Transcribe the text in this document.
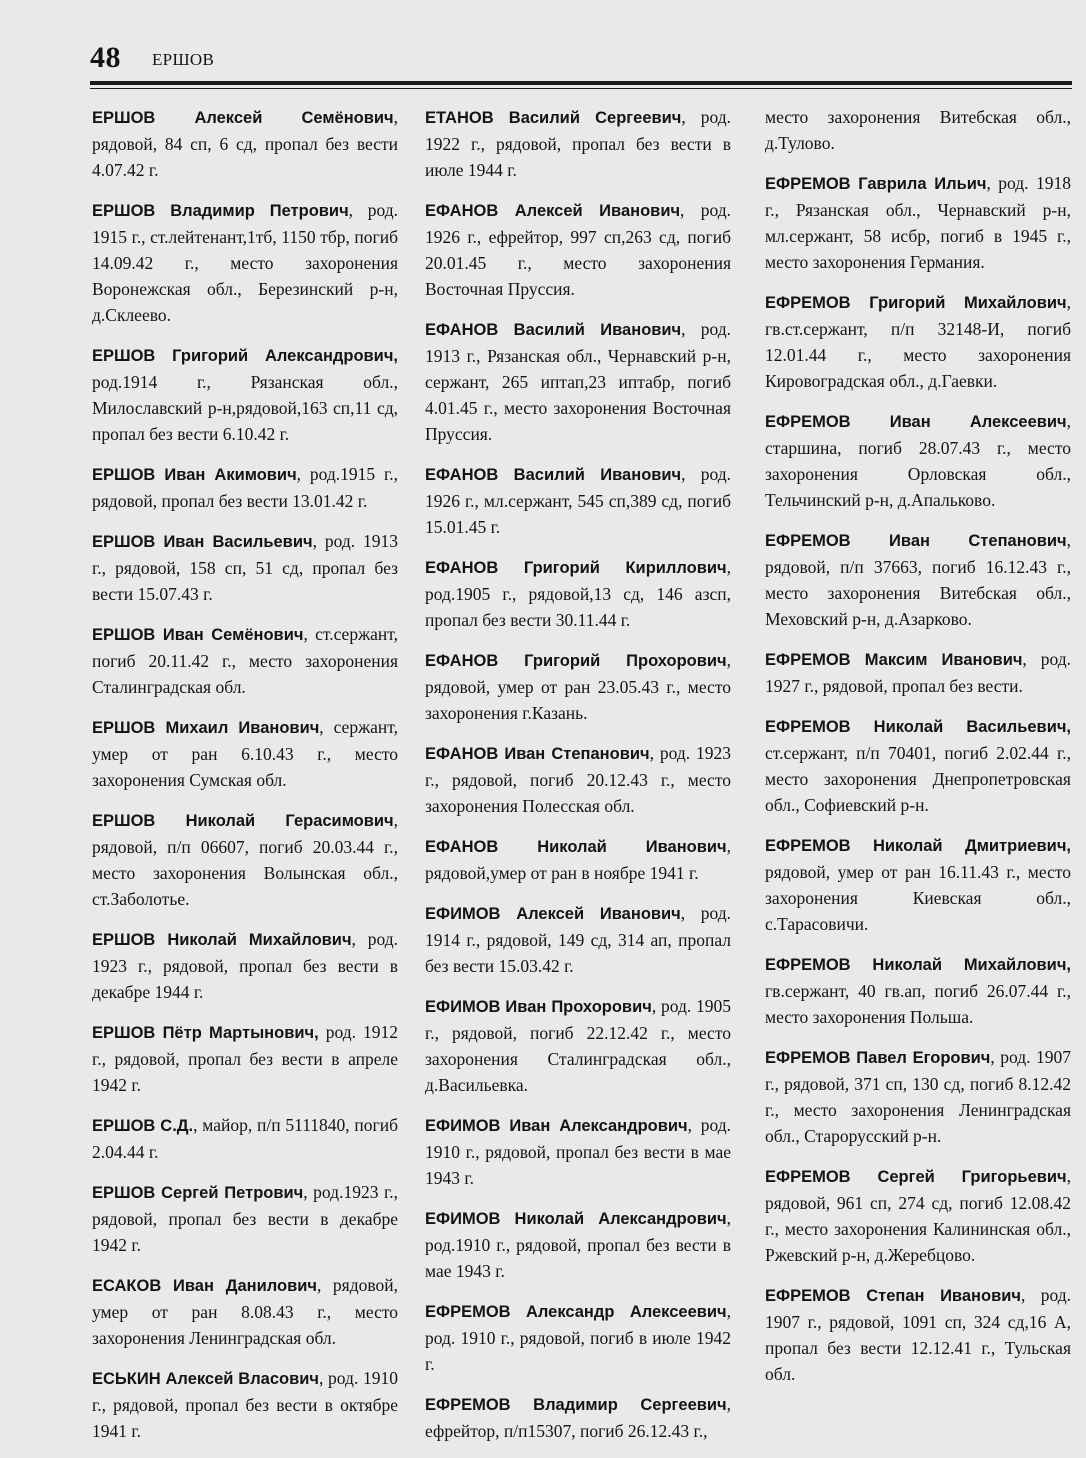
48 ЕРШОВ

ЕРШОВ Алексей Семёнович, рядовой, 84 сп, 6 сд, пропал без вести 4.07.42 г.

ЕРШОВ Владимир Петрович, род. 1915 г., ст.лейтенант,1тб, 1150 тбр, погиб 14.09.42 г., место захоронения Воронежская обл., Березинский р-н, д.Склеево.

ЕРШОВ Григорий Александрович, род.1914 г., Рязанская обл., Милославский р-н,рядовой,163 сп,11 сд, пропал без вести 6.10.42 г.

ЕРШОВ Иван Акимович, род.1915 г., рядовой, пропал без вести 13.01.42 г.

ЕРШОВ Иван Васильевич, род. 1913 г., рядовой, 158 сп, 51 сд, пропал без вести 15.07.43 г.

ЕРШОВ Иван Семёнович, ст.сержант, погиб 20.11.42 г., место захоронения Сталинградская обл.

ЕРШОВ Михаил Иванович, сержант, умер от ран 6.10.43 г., место захоронения Сумская обл.

ЕРШОВ Николай Герасимович, рядовой, п/п 06607, погиб 20.03.44 г., место захоронения Волынская обл., ст.Заболотье.

ЕРШОВ Николай Михайлович, род. 1923 г., рядовой, пропал без вести в декабре 1944 г.

ЕРШОВ Пётр Мартынович, род. 1912 г., рядовой, пропал без вести в апреле 1942 г.

ЕРШОВ С.Д., майор, п/п 5111840, погиб 2.04.44 г.

ЕРШОВ Сергей Петрович, род.1923 г., рядовой, пропал без вести в декабре 1942 г.

ЕСАКОВ Иван Данилович, рядовой, умер от ран 8.08.43 г., место захоронения Ленинградская обл.

ЕСЬКИН Алексей Власович, род. 1910 г., рядовой, пропал без вести в октябре 1941 г.

ЕТАНОВ Василий Сергеевич, род. 1922 г., рядовой, пропал без вести в июле 1944 г.

ЕФАНОВ Алексей Иванович, род. 1926 г., ефрейтор, 997 сп,263 сд, погиб 20.01.45 г., место захоронения Восточная Пруссия.

ЕФАНОВ Василий Иванович, род. 1913 г., Рязанская обл., Чернавский р-н, сержант, 265 иптап,23 иптабр, погиб 4.01.45 г., место захоронения Восточная Пруссия.

ЕФАНОВ Василий Иванович, род. 1926 г., мл.сержант, 545 сп,389 сд, погиб 15.01.45 г.

ЕФАНОВ Григорий Кириллович, род.1905 г., рядовой,13 сд, 146 азсп, пропал без вести 30.11.44 г.

ЕФАНОВ Григорий Прохорович, рядовой, умер от ран 23.05.43 г., место захоронения г.Казань.

ЕФАНОВ Иван Степанович, род. 1923 г., рядовой, погиб 20.12.43 г., место захоронения Полесская обл.

ЕФАНОВ Николай Иванович, рядовой,умер от ран в ноябре 1941 г.

ЕФИМОВ Алексей Иванович, род. 1914 г., рядовой, 149 сд, 314 ап, пропал без вести 15.03.42 г.

ЕФИМОВ Иван Прохорович, род. 1905 г., рядовой, погиб 22.12.42 г., место захоронения Сталинградская обл., д.Васильевка.

ЕФИМОВ Иван Александрович, род. 1910 г., рядовой, пропал без вести в мае 1943 г.

ЕФИМОВ Николай Александрович, род.1910 г., рядовой, пропал без вести в мае 1943 г.

ЕФРЕМОВ Александр Алексеевич, род. 1910 г., рядовой, погиб в июле 1942 г.

ЕФРЕМОВ Владимир Сергеевич, ефрейтор, п/п15307, погиб 26.12.43 г.,

место захоронения Витебская обл., д.Тулово.

ЕФРЕМОВ Гаврила Ильич, род. 1918 г., Рязанская обл., Чернавский р-н, мл.сержант, 58 исбр, погиб в 1945 г., место захоронения Германия.

ЕФРЕМОВ Григорий Михайлович, гв.ст.сержант, п/п 32148-И, погиб 12.01.44 г., место захоронения Кировоградская обл., д.Гаевки.

ЕФРЕМОВ Иван Алексеевич, старшина, погиб 28.07.43 г., место захоронения Орловская обл., Тельчинский р-н, д.Апальково.

ЕФРЕМОВ Иван Степанович, рядовой, п/п 37663, погиб 16.12.43 г., место захоронения Витебская обл., Меховский р-н, д.Азарково.

ЕФРЕМОВ Максим Иванович, род. 1927 г., рядовой, пропал без вести.

ЕФРЕМОВ Николай Васильевич, ст.сержант, п/п 70401, погиб 2.02.44 г., место захоронения Днепропетровская обл., Софиевский р-н.

ЕФРЕМОВ Николай Дмитриевич, рядовой, умер от ран 16.11.43 г., место захоронения Киевская обл., с.Тарасовичи.

ЕФРЕМОВ Николай Михайлович, гв.сержант, 40 гв.ап, погиб 26.07.44 г., место захоронения Польша.

ЕФРЕМОВ Павел Егорович, род. 1907 г., рядовой, 371 сп, 130 сд, погиб 8.12.42 г., место захоронения Ленинградская обл., Старорусский р-н.

ЕФРЕМОВ Сергей Григорьевич, рядовой, 961 сп, 274 сд, погиб 12.08.42 г., место захоронения Калининская обл., Ржевский р-н, д.Жеребцово.

ЕФРЕМОВ Степан Иванович, род. 1907 г., рядовой, 1091 сп, 324 сд,16 А, пропал без вести 12.12.41 г., Тульская обл.
